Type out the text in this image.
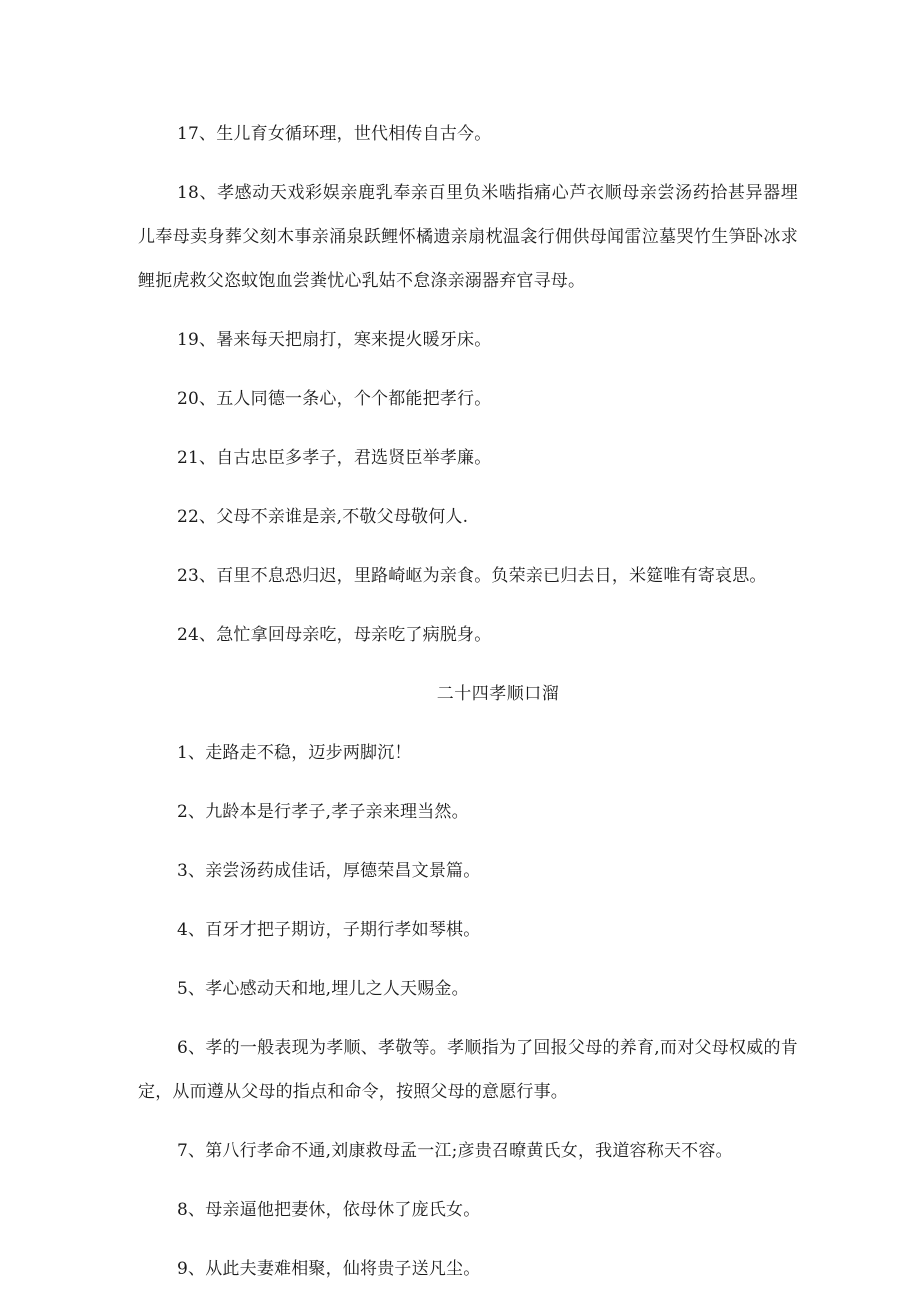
17、生儿育女循环理，世代相传自古今。

18、孝感动天戏彩娱亲鹿乳奉亲百里负米啮指痛心芦衣顺母亲尝汤药拾甚异器埋儿奉母卖身葬父刻木事亲涌泉跃鲤怀橘遗亲扇枕温衾行佣供母闻雷泣墓哭竹生笋卧冰求鲤扼虎救父恣蚊饱血尝粪忧心乳姑不怠涤亲溺器弃官寻母。

19、暑来每天把扇打，寒来提火暖牙床。

20、五人同德一条心，个个都能把孝行。

21、自古忠臣多孝子，君选贤臣举孝廉。

22、父母不亲谁是亲,不敬父母敬何人.

23、百里不息恐归迟，里路崎岖为亲食。负荣亲已归去日，米筵唯有寄哀思。

24、急忙拿回母亲吃，母亲吃了病脱身。

二十四孝顺口溜

1、走路走不稳，迈步两脚沉！

2、九龄本是行孝子,孝子亲来理当然。

3、亲尝汤药成佳话，厚德荣昌文景篇。

4、百牙才把子期访，子期行孝如琴棋。

5、孝心感动天和地,埋儿之人天赐金。

6、孝的一般表现为孝顺、孝敬等。孝顺指为了回报父母的养育,而对父母权威的肯定，从而遵从父母的指点和命令，按照父母的意愿行事。

7、第八行孝命不通,刘康救母孟一江;彦贵召暸黄氏女，我道容称天不容。

8、母亲逼他把妻休，依母休了庞氏女。

9、从此夫妻难相聚，仙将贵子送凡尘。
